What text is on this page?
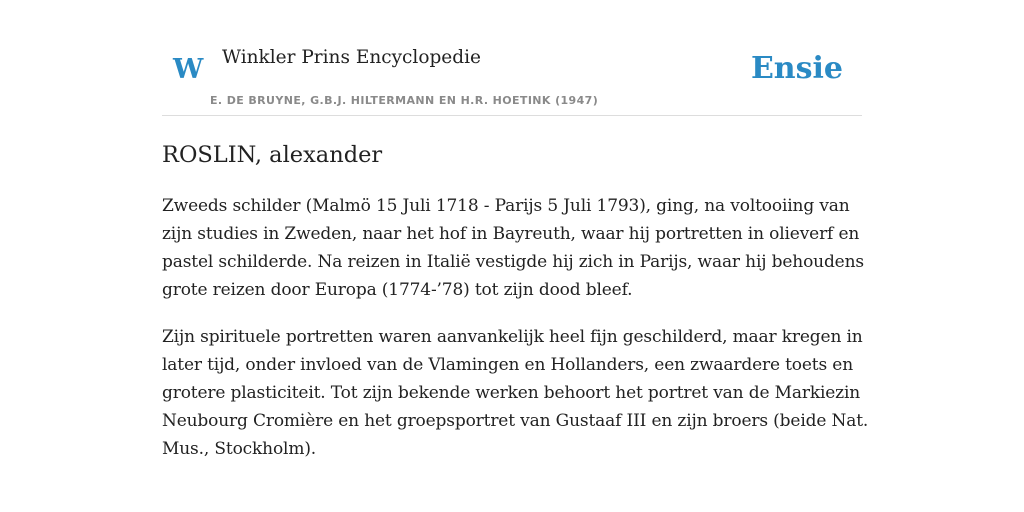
W Winkler Prins Encyclopedie
E. DE BRUYNE, G.B.J. HILTERMANN EN H.R. HOETINK (1947)
Ensie
ROSLIN, alexander

Zweeds schilder (Malmö 15 Juli 1718 - Parijs 5 Juli 1793), ging, na voltooiing van
zijn studies in Zweden, naar het hof in Bayreuth, waar hij portretten in olieverf en
pastel schilderde. Na reizen in Italië vestigde hij zich in Parijs, waar hij behoudens
grote reizen door Europa (1774-’78) tot zijn dood bleef.

Zijn spirituele portretten waren aanvankelijk heel fijn geschilderd, maar kregen in
later tijd, onder invloed van de Vlamingen en Hollanders, een zwaardere toets en
grotere plasticiteit. Tot zijn bekende werken behoort het portret van de Markiezin
Neubourg Cromière en het groepsportret van Gustaaf III en zijn broers (beide Nat.
Mus., Stockholm).
